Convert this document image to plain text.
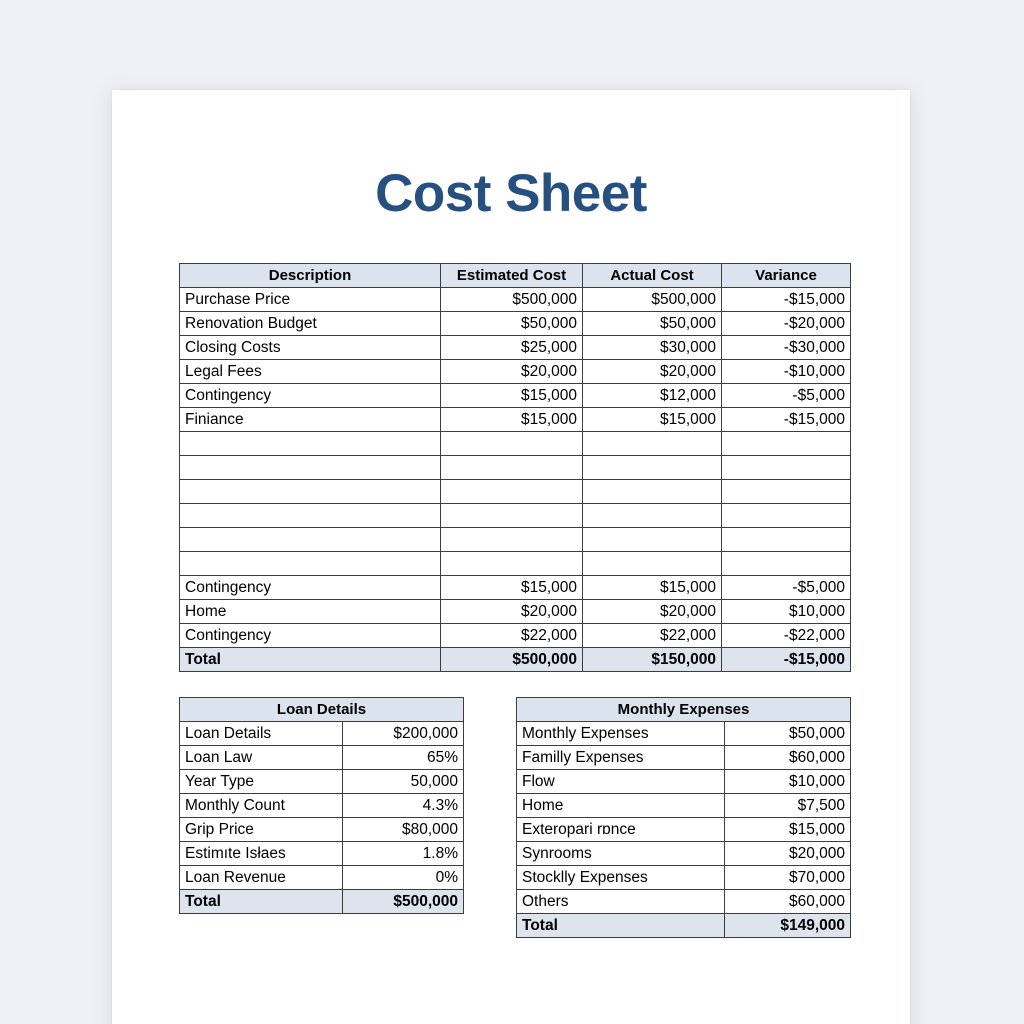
Cost Sheet
Description	Estimated Cost	Actual Cost	Variance
Purchase Price	$500,000	$500,000	-$15,000
Renovation Budget	$50,000	$50,000	-$20,000
Closing Costs	$25,000	$30,000	-$30,000
Legal Fees	$20,000	$20,000	-$10,000
Contingency	$15,000	$12,000	-$5,000
Finiance	$15,000	$15,000	-$15,000

Contingency	$15,000	$15,000	-$5,000
Home	$20,000	$20,000	$10,000
Contingency	$22,000	$22,000	-$22,000
Total	$500,000	$150,000	-$15,000
Loan Details	
Loan Details	$200,000
Loan Law	65%
Year Type	50,000
Monthly Count	4.3%
Grip Price	$80,000
Estimıte Isłaes	1.8%
Loan Revenue	0%
Total	$500,000
Monthly Expenses	
Monthly Expenses	$50,000
Familly Expenses	$60,000
Flow	$10,000
Home	$7,500
Exteropari rɒnce	$15,000
Synrooms	$20,000
Stocklly Expenses	$70,000
Others	$60,000
Total	$149,000
